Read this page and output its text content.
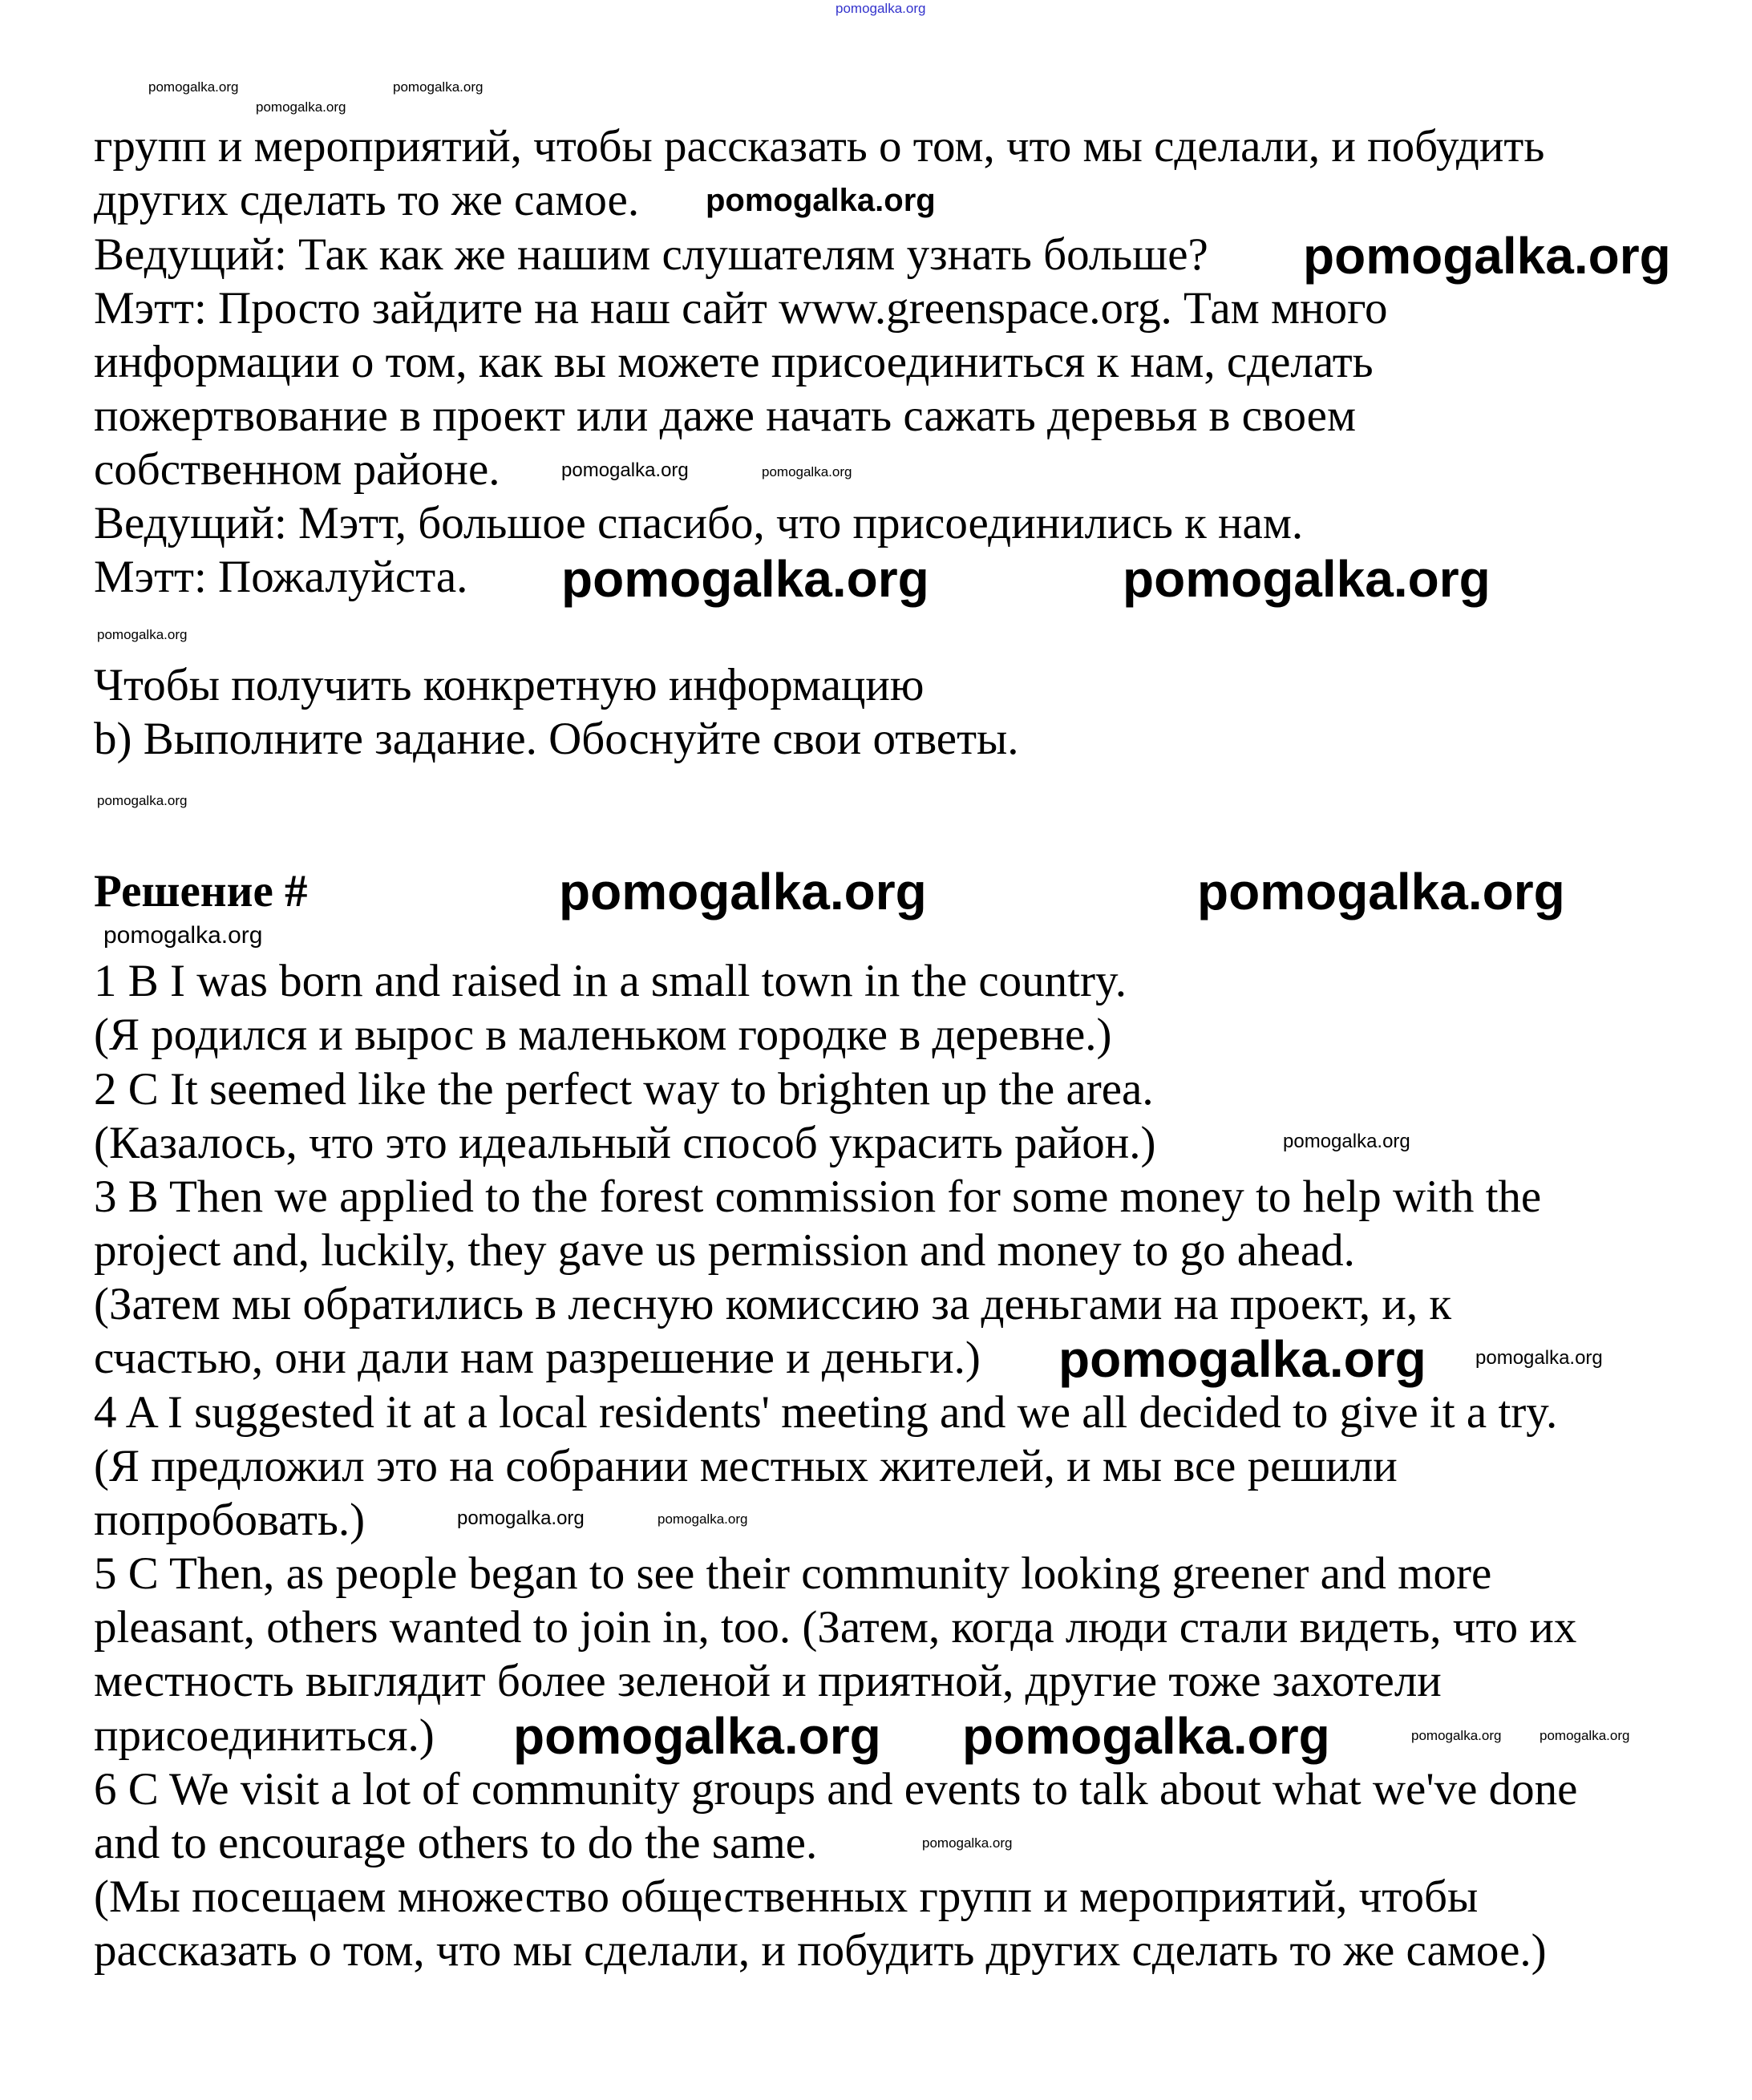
pomogalka.org
групп и мероприятий, чтобы рассказать о том, что мы сделали, и побудить
других сделать то же самое.
Ведущий: Так как же нашим слушателям узнать больше?
Мэтт: Просто зайдите на наш сайт www.greenspace.org. Там много
информации о том, как вы можете присоединиться к нам, сделать
пожертвование в проект или даже начать сажать деревья в своем
собственном районе.
Ведущий: Мэтт, большое спасибо, что присоединились к нам.
Мэтт: Пожалуйста.
Чтобы получить конкретную информацию
b) Выполните задание. Обоснуйте свои ответы.
Решение #
1 B I was born and raised in a small town in the country.
(Я родился и вырос в маленьком городке в деревне.)
2 C It seemed like the perfect way to brighten up the area.
(Казалось, что это идеальный способ украсить район.)
3 B Then we applied to the forest commission for some money to help with the
project and, luckily, they gave us permission and money to go ahead.
(Затем мы обратились в лесную комиссию за деньгами на проект, и, к
счастью, они дали нам разрешение и деньги.)
4 A I suggested it at a local residents' meeting and we all decided to give it a try.
(Я предложил это на собрании местных жителей, и мы все решили
попробовать.)
5 C Then, as people began to see their community looking greener and more
pleasant, others wanted to join in, too. (Затем, когда люди стали видеть, что их
местность выглядит более зеленой и приятной, другие тоже захотели
присоединиться.)
6 C We visit a lot of community groups and events to talk about what we've done
and to encourage others to do the same.
(Мы посещаем множество общественных групп и мероприятий, чтобы
рассказать о том, что мы сделали, и побудить других сделать то же самое.)
pomogalka.org
pomogalka.org	pomogalka.org
pomogalka.org
pomogalka.org
pomogalka.org	pomogalka.org
pomogalka.org	pomogalka.org
pomogalka.org
pomogalka.org
pomogalka.org
pomogalka.org	pomogalka.org
pomogalka.org
pomogalka.org
pomogalka.org
pomogalka.org
pomogalka.org
pomogalka.org	pomogalka.org
pomogalka.org pomogalka.org
pomogalka.org
